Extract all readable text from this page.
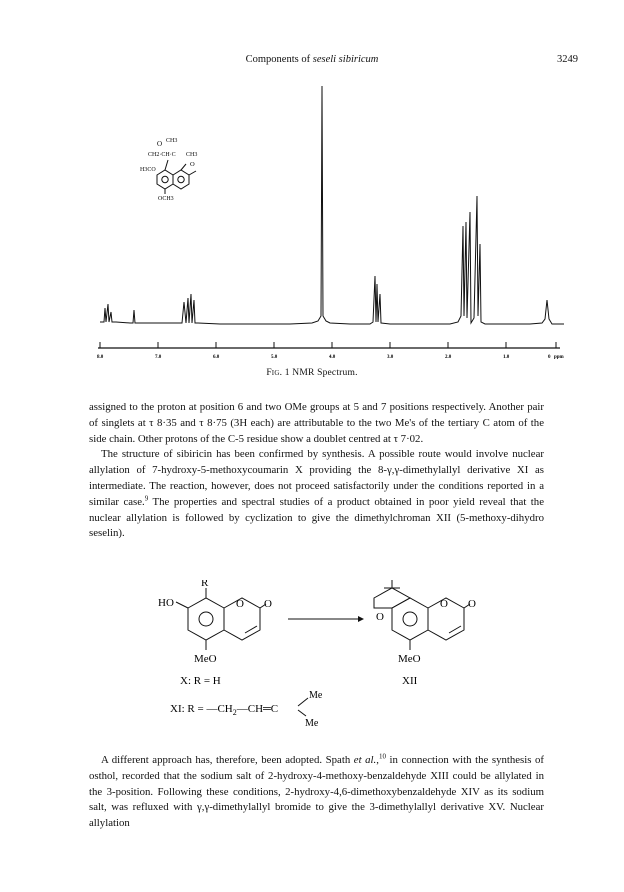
Components of seseli sibiricum	3249
O CH3
CH2·CH·C CH3
H3CO
O
OCH3
8.0	7.0	6.0	5.0	4.0	3.0	2.0	1.0	0 ppm
Fig. 1 NMR Spectrum.

assigned to the proton at position 6 and two OMe groups at 5 and 7 positions respectively. Another pair of singlets at τ 8·35 and τ 8·75 (3H each) are attributable to the two Me's of the tertiary C atom of the side chain. Other protons of the C-5 residue show a doublet centred at τ 7·02.

The structure of sibiricin has been confirmed by synthesis. A possible route would involve nuclear allylation of 7-hydroxy-5-methoxycoumarin X providing the 8-γ,γ-dimethylallyl derivative XI as intermediate. The reaction, however, does not proceed satisfactorily under the conditions reported in a similar case.$^9$ The properties and spectral studies of a product obtained in poor yield reveal that the nuclear allylation is followed by cyclization to give the dimethylchroman XII (5-methoxy-dihydro seselin).

R
HO	O O
MeO
O
O O
MeO
X: R = H	XII
XI: $R = —CH_2—CH═C$
Me
Me

A different approach has, therefore, been adopted. Spath et al.,$^{10}$ in connection with the synthesis of osthol, recorded that the sodium salt of 2-hydroxy-4-methoxy-benzaldehyde XIII could be allylated in the 3-position. Following these conditions, 2-hydroxy-4,6-dimethoxybenzaldehyde XIV as its sodium salt, was refluxed with γ,γ-dimethylallyl bromide to give the 3-dimethylallyl derivative XV. Nuclear allylation
